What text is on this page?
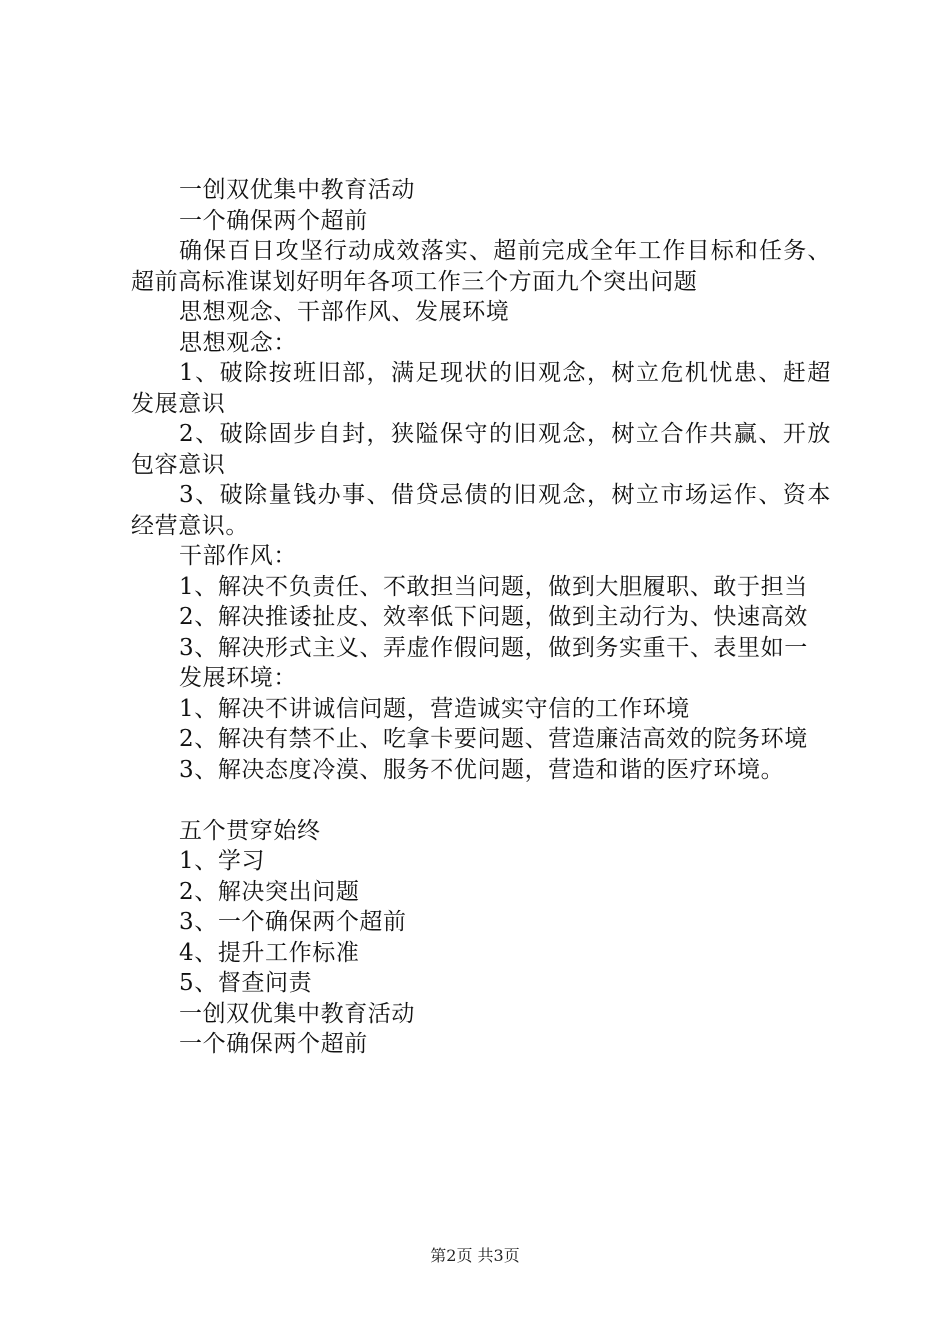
一创双优集中教育活动

一个确保两个超前

确保百日攻坚行动成效落实、超前完成全年工作目标和任务、超前高标准谋划好明年各项工作三个方面九个突出问题

思想观念、干部作风、发展环境

思想观念：

1、破除按班旧部，满足现状的旧观念，树立危机忧患、赶超发展意识

2、破除固步自封，狭隘保守的旧观念，树立合作共赢、开放包容意识

3、破除量钱办事、借贷忌债的旧观念，树立市场运作、资本经营意识。

干部作风：

1、解决不负责任、不敢担当问题，做到大胆履职、敢于担当

2、解决推诿扯皮、效率低下问题，做到主动行为、快速高效

3、解决形式主义、弄虚作假问题，做到务实重干、表里如一

发展环境：

1、解决不讲诚信问题，营造诚实守信的工作环境

2、解决有禁不止、吃拿卡要问题、营造廉洁高效的院务环境

3、解决态度冷漠、服务不优问题，营造和谐的医疗环境。

五个贯穿始终

1、学习

2、解决突出问题

3、一个确保两个超前

4、提升工作标准

5、督查问责

一创双优集中教育活动

一个确保两个超前

第2页 共3页
